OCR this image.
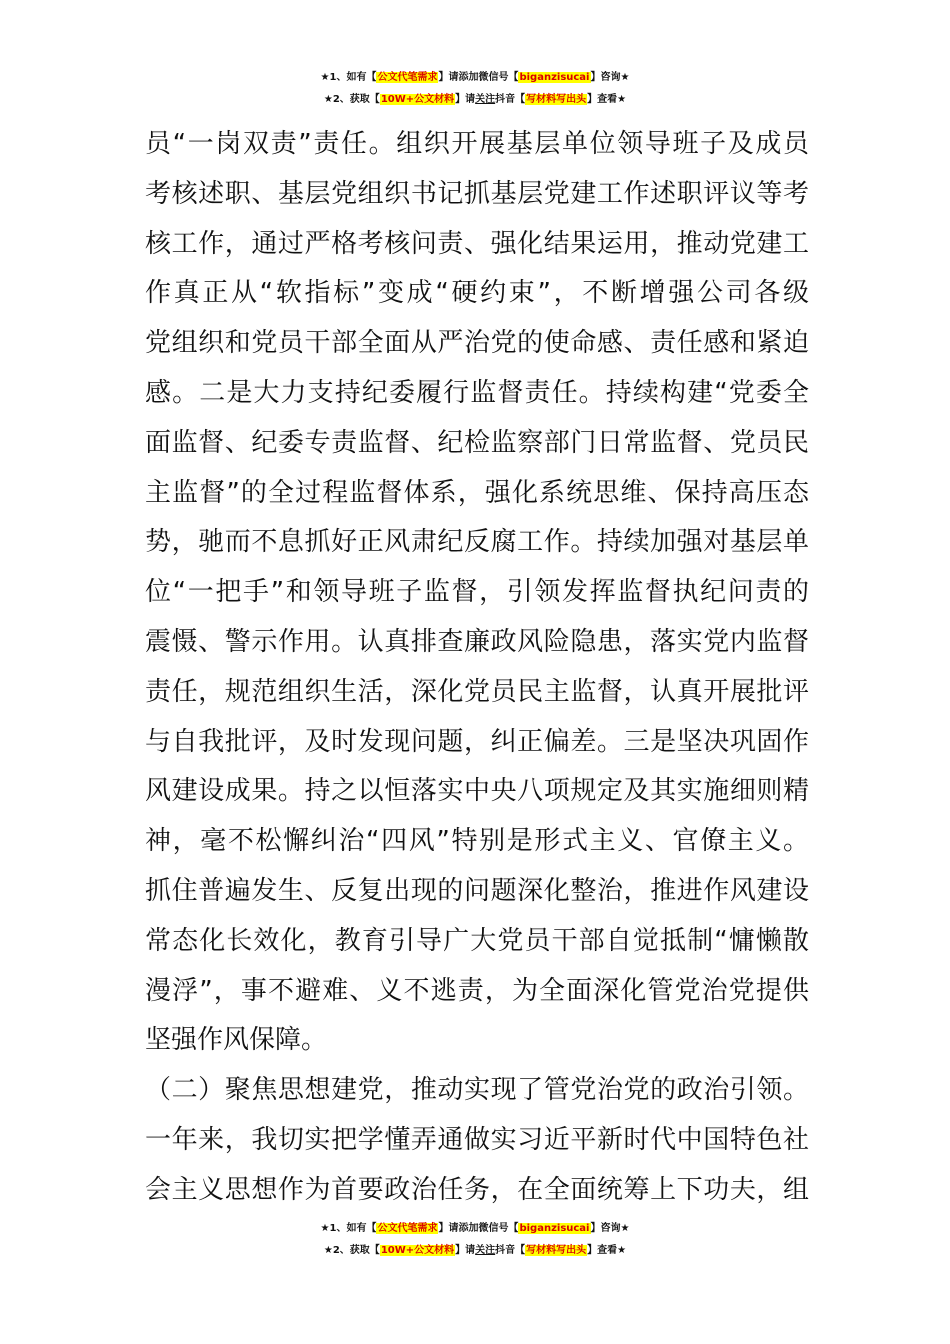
★1、如有【公文代笔需求】请添加微信号【biganzisucai】咨询★
★2、获取【10W+公文材料】请关注抖音【写材料写出头】查看★
员“一岗双责”责任。组织开展基层单位领导班子及成员
考核述职、基层党组织书记抓基层党建工作述职评议等考
核工作，通过严格考核问责、强化结果运用，推动党建工
作真正从“软指标”变成“硬约束”，不断增强公司各级
党组织和党员干部全面从严治党的使命感、责任感和紧迫
感。二是大力支持纪委履行监督责任。持续构建“党委全
面监督、纪委专责监督、纪检监察部门日常监督、党员民
主监督”的全过程监督体系，强化系统思维、保持高压态
势，驰而不息抓好正风肃纪反腐工作。持续加强对基层单
位“一把手”和领导班子监督，引领发挥监督执纪问责的
震慑、警示作用。认真排查廉政风险隐患，落实党内监督
责任，规范组织生活，深化党员民主监督，认真开展批评
与自我批评，及时发现问题，纠正偏差。三是坚决巩固作
风建设成果。持之以恒落实中央八项规定及其实施细则精
神，毫不松懈纠治“四风”特别是形式主义、官僚主义。
抓住普遍发生、反复出现的问题深化整治，推进作风建设
常态化长效化，教育引导广大党员干部自觉抵制“慵懒散
漫浮”，事不避难、义不逃责，为全面深化管党治党提供
坚强作风保障。
（二）聚焦思想建党，推动实现了管党治党的政治引领。
一年来，我切实把学懂弄通做实习近平新时代中国特色社
会主义思想作为首要政治任务，在全面统筹上下功夫，组
★1、如有【公文代笔需求】请添加微信号【biganzisucai】咨询★
★2、获取【10W+公文材料】请关注抖音【写材料写出头】查看★
